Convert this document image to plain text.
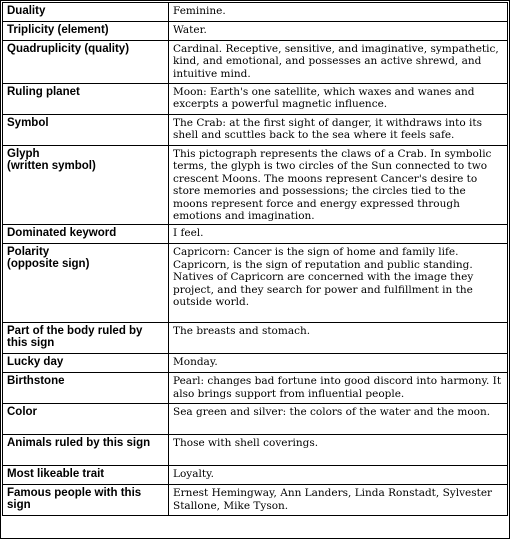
Duality	Feminine.

Triplicity (element)	Water.

Quadruplicity (quality)	Cardinal. Receptive, sensitive, and imaginative, sympathetic, kind, and emotional, and possesses an active shrewd, and intuitive mind.

Ruling planet	Moon: Earth's one satellite, which waxes and wanes and excerpts a powerful magnetic influence.

Symbol	The Crab: at the first sight of danger, it withdraws into its shell and scuttles back to the sea where it feels safe.

Glyph
(written symbol)	This pictograph represents the claws of a Crab. In symbolic terms, the glyph is two circles of the Sun connected to two crescent Moons. The moons represent Cancer's desire to store memories and possessions; the circles tied to the moons represent force and energy expressed through emotions and imagination.

Dominated keyword	I feel.

Polarity
(opposite sign)	Capricorn: Cancer is the sign of home and family life. Capricorn, is the sign of reputation and public standing. Natives of Capricorn are concerned with the image they project, and they search for power and fulfillment in the outside world.

Part of the body ruled by this sign	The breasts and stomach.

Lucky day	Monday.

Birthstone	Pearl: changes bad fortune into good discord into harmony. It also brings support from influential people.

Color	Sea green and silver: the colors of the water and the moon.

Animals ruled by this sign	Those with shell coverings.

Most likeable trait	Loyalty.

Famous people with this sign	Ernest Hemingway, Ann Landers, Linda Ronstadt, Sylvester Stallone, Mike Tyson.
